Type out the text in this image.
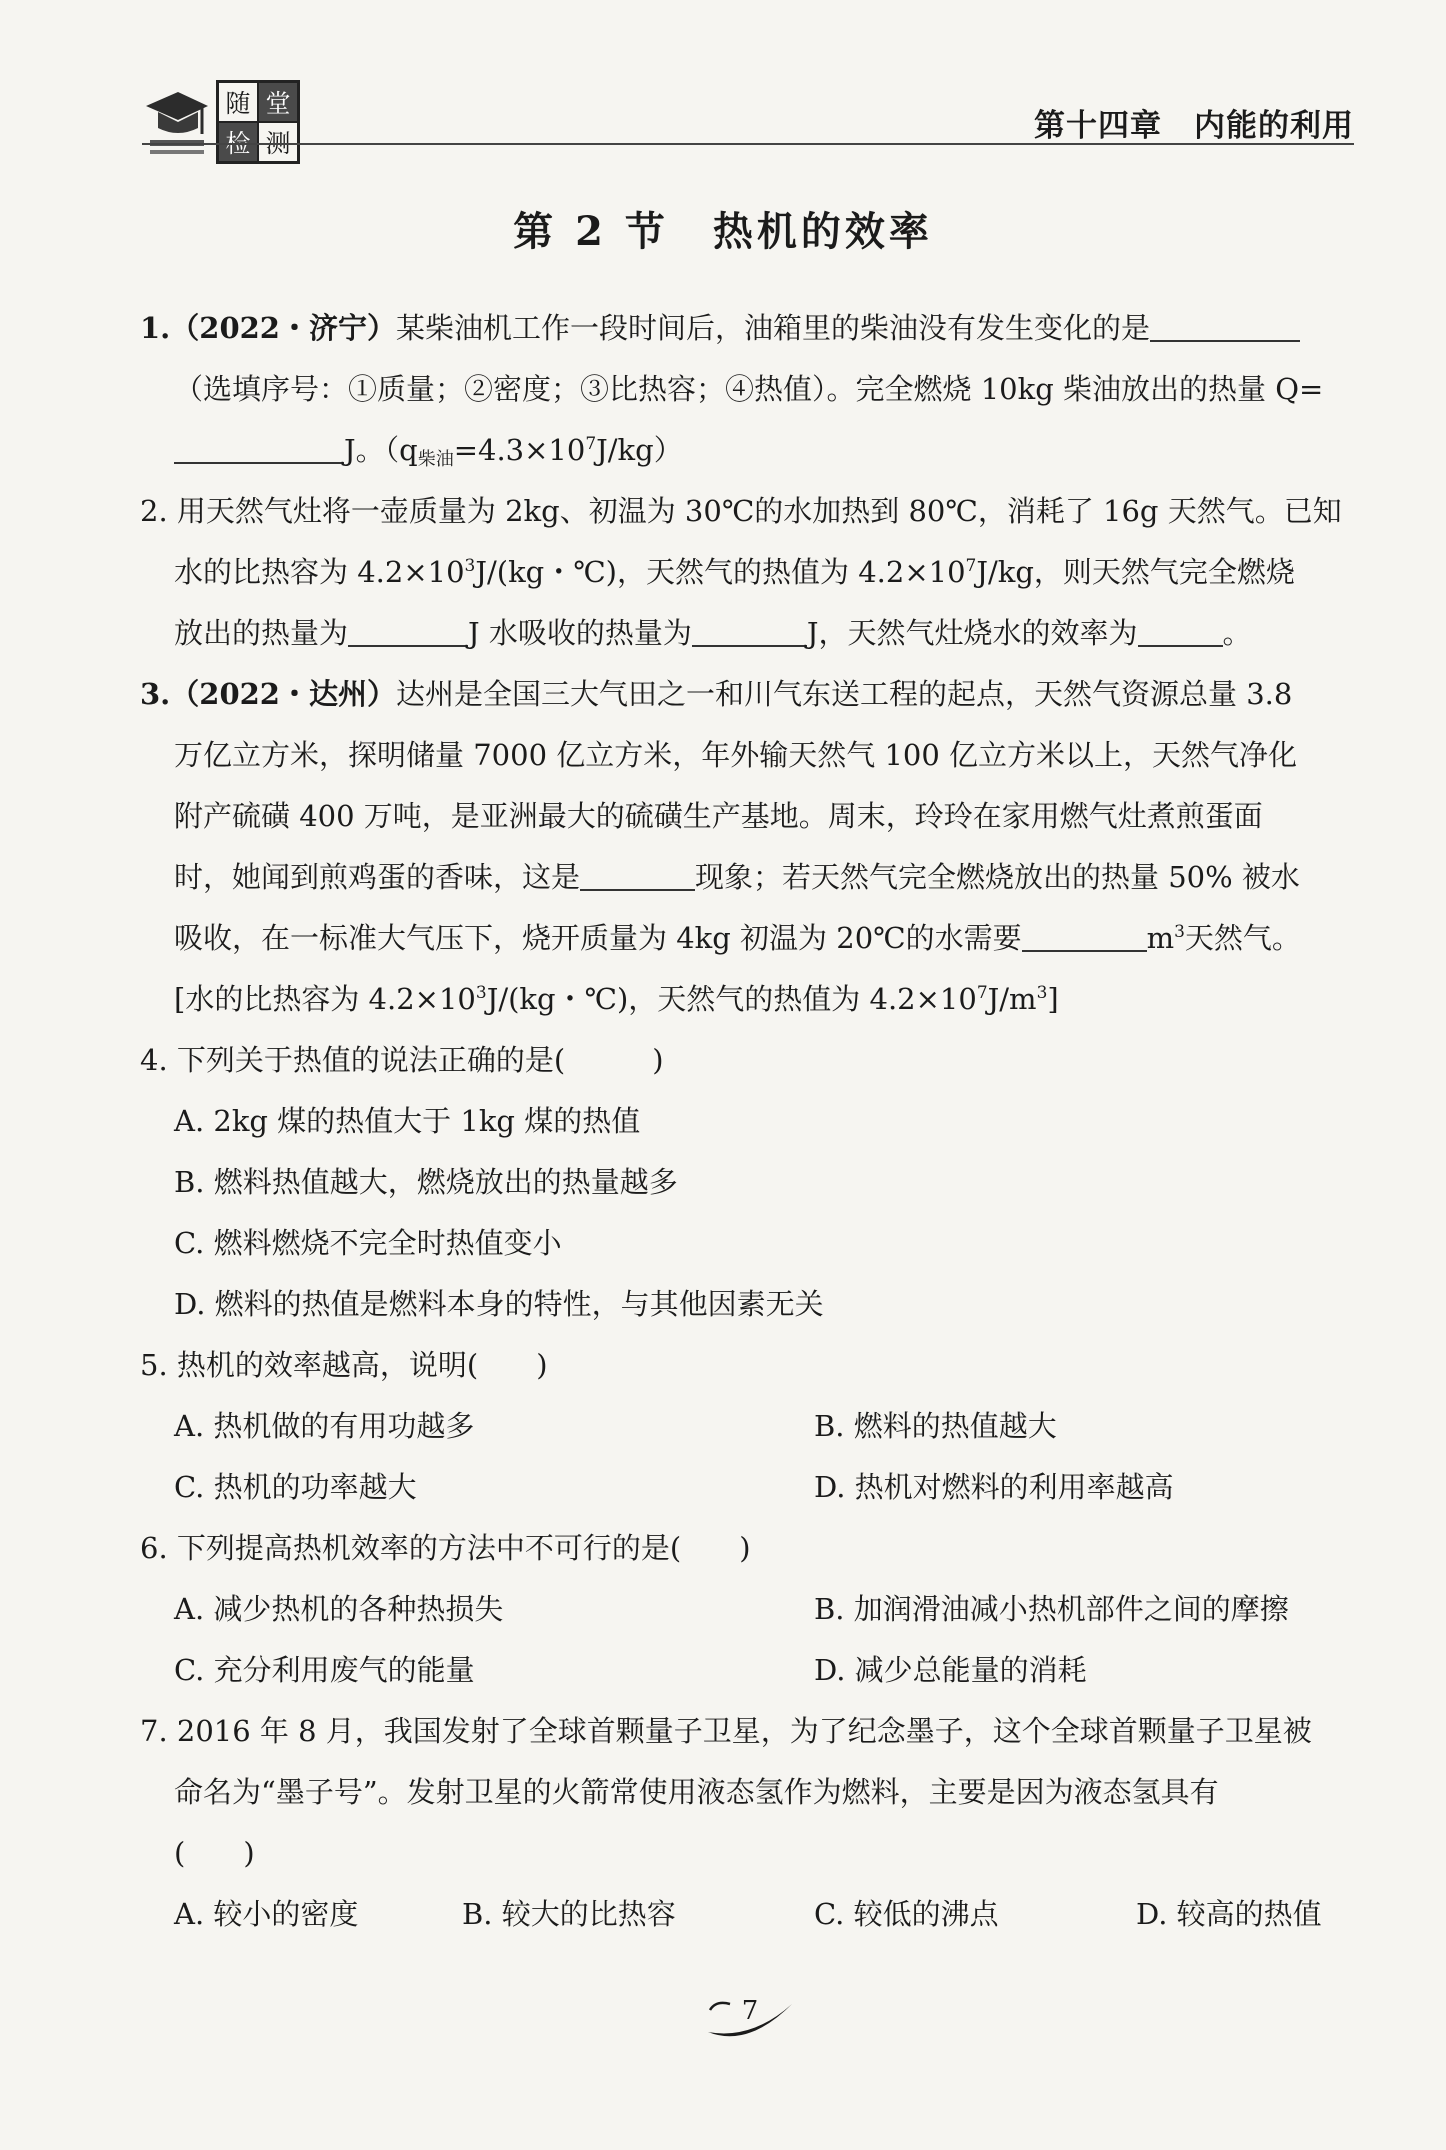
随 堂
检 测	第十四章　内能的利用
第 2 节　热机的效率
1.（2022・济宁）某柴油机工作一段时间后，油箱里的柴油没有发生变化的是
（选填序号：①质量；②密度；③比热容；④热值）。完全燃烧 10kg 柴油放出的热量 Q=
J。$(q_{柴油}=4.3\times 10^7J/kg)$
2. 用天然气灶将一壶质量为 2kg、初温为 30℃的水加热到 80℃，消耗了 16g 天然气。已知
水的比热容为 $4.2\times 10^3J/(kg$・℃)，天然气的热值为 $4.2\times 10^7J/kg$，则天然气完全燃烧
放出的热量为	J 水吸收的热量为	J，天然气灶烧水的效率为	。
3.（2022・达州）达州是全国三大气田之一和川气东送工程的起点，天然气资源总量 3.8
万亿立方米，探明储量 7000 亿立方米，年外输天然气 100 亿立方米以上，天然气净化
附产硫磺 400 万吨，是亚洲最大的硫磺生产基地。周末，玲玲在家用燃气灶煮煎蛋面
时，她闻到煎鸡蛋的香味，这是	现象；若天然气完全燃烧放出的热量 50% 被水
吸收，在一标准大气压下，烧开质量为 4kg 初温为 20℃的水需要	$m^3$天然气。
[水的比热容为 $4.2\times 10^3J/(kg$・℃)，天然气的热值为 $4.2\times 10^7J/m^3$]
4. 下列关于热值的说法正确的是(　　　)
A. 2kg 煤的热值大于 1kg 煤的热值
B. 燃料热值越大，燃烧放出的热量越多
C. 燃料燃烧不完全时热值变小
D. 燃料的热值是燃料本身的特性，与其他因素无关
5. 热机的效率越高，说明(　　)
A. 热机做的有用功越多	B. 燃料的热值越大
C. 热机的功率越大	D. 热机对燃料的利用率越高
6. 下列提高热机效率的方法中不可行的是(　　)
A. 减少热机的各种热损失	B. 加润滑油减小热机部件之间的摩擦
C. 充分利用废气的能量	D. 减少总能量的消耗
7. 2016 年 8 月，我国发射了全球首颗量子卫星，为了纪念墨子，这个全球首颗量子卫星被
命名为“墨子号”。发射卫星的火箭常使用液态氢作为燃料，主要是因为液态氢具有
(　　)
A. 较小的密度	B. 较大的比热容	C. 较低的沸点	D. 较高的热值
7
